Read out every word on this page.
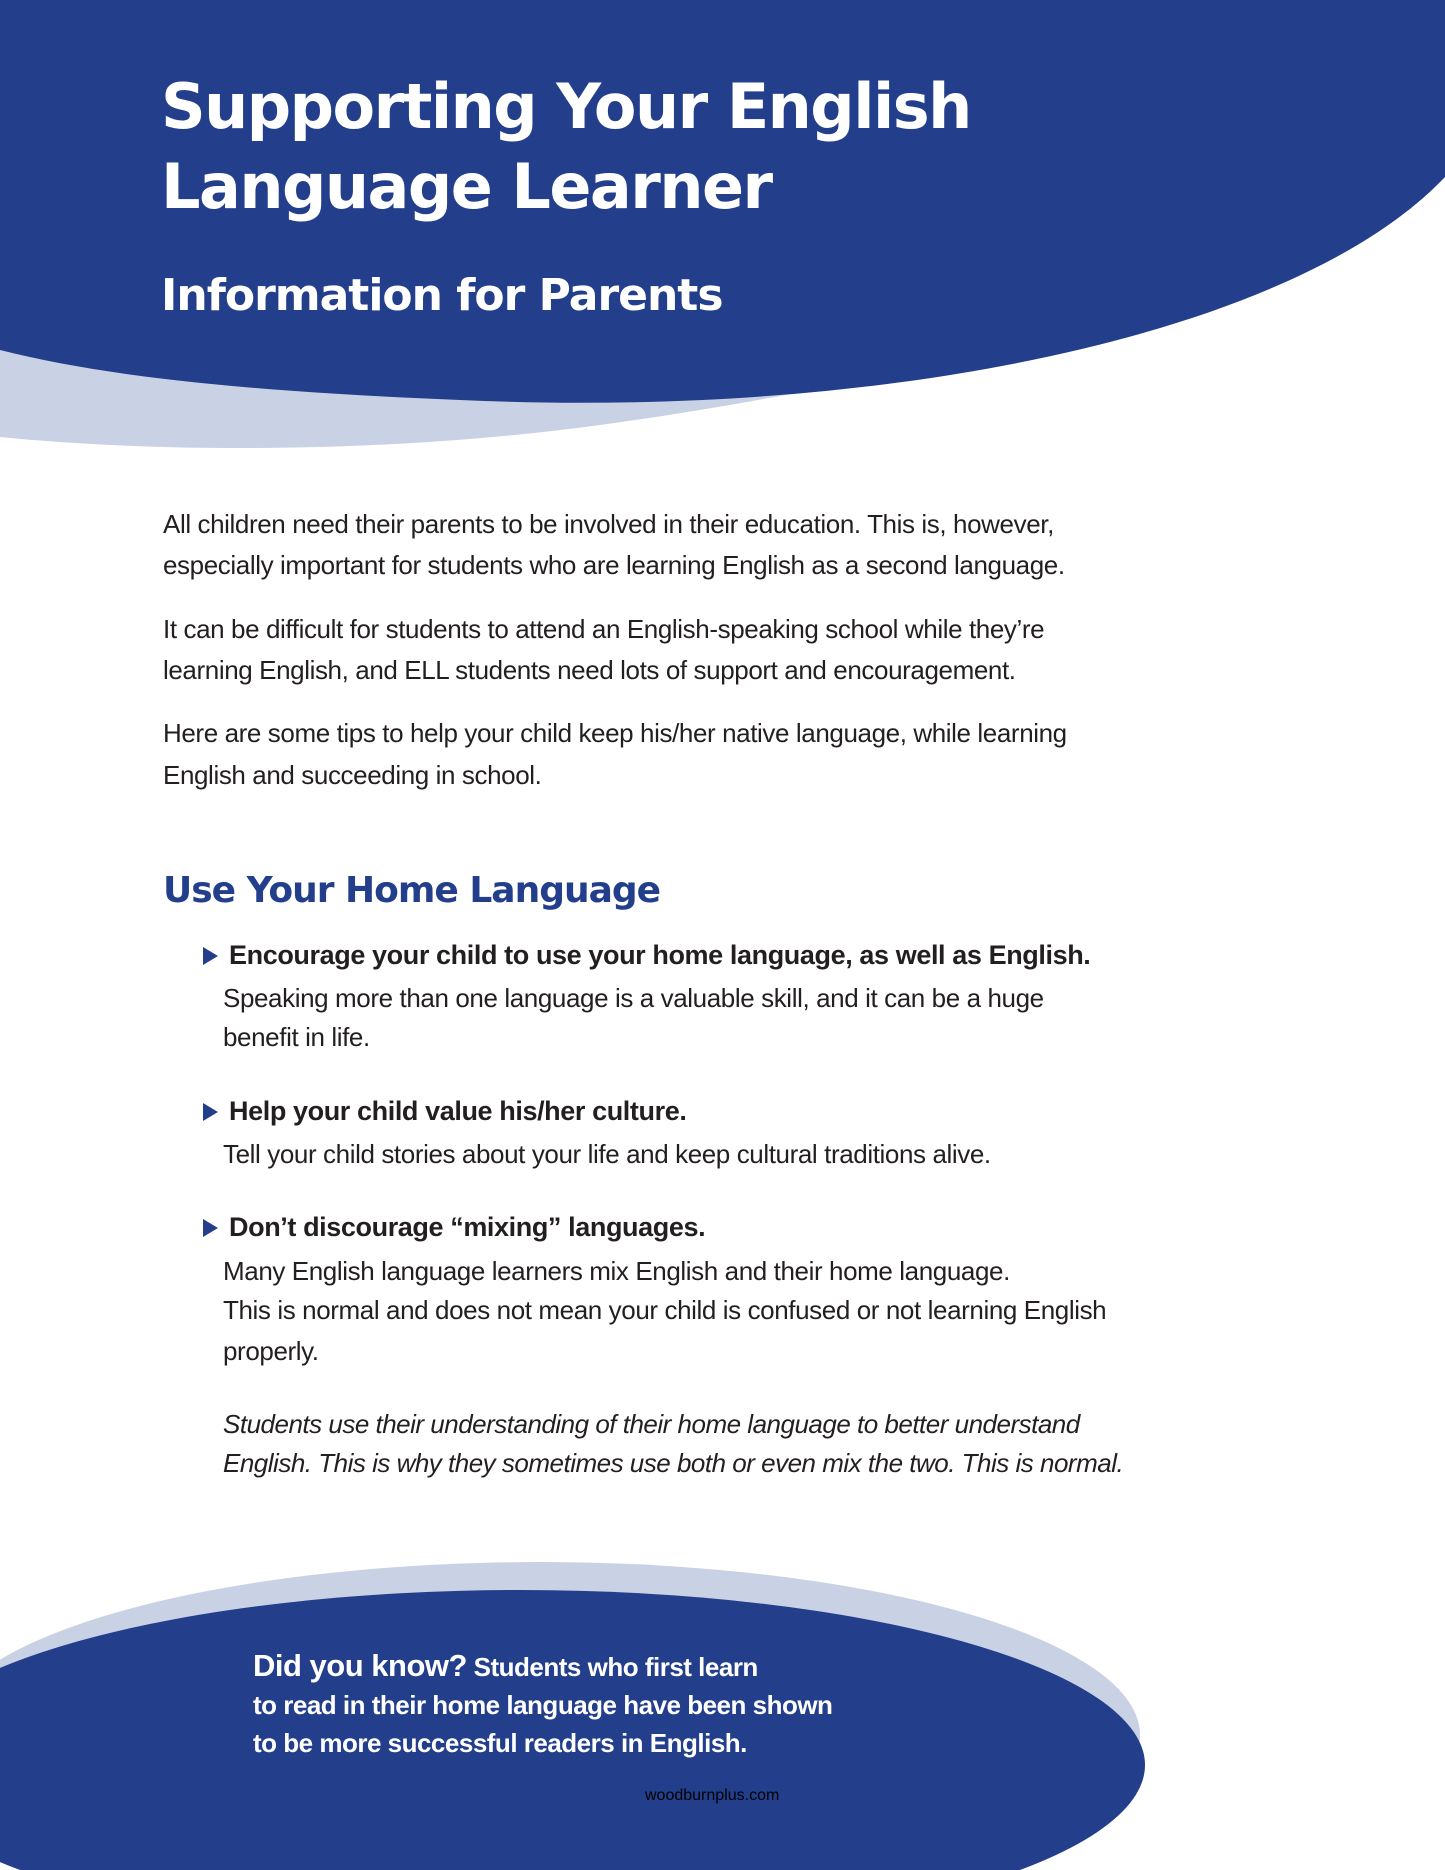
Supporting Your English
Language Learner
Information for Parents
All children need their parents to be involved in their education. This is, however,
especially important for students who are learning English as a second language.
It can be difficult for students to attend an English-speaking school while they’re
learning English, and ELL students need lots of support and encouragement.
Here are some tips to help your child keep his/her native language, while learning
English and succeeding in school.
Use Your Home Language
Encourage your child to use your home language, as well as English.
Speaking more than one language is a valuable skill, and it can be a huge
benefit in life.
Help your child value his/her culture.
Tell your child stories about your life and keep cultural traditions alive.
Don’t discourage “mixing” languages.
Many English language learners mix English and their home language.
This is normal and does not mean your child is confused or not learning English
properly.
Students use their understanding of their home language to better understand
English. This is why they sometimes use both or even mix the two. This is normal.
Did you know? Students who first learn
to read in their home language have been shown
to be more successful readers in English.
woodburnplus.com
